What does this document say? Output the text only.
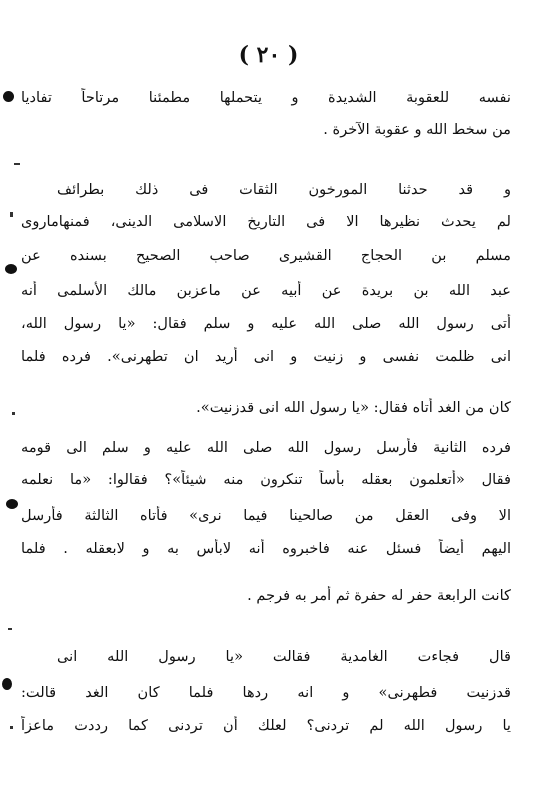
( ٢٠ )
نفسه للعقوبة الشديدة و يتحملها مطمئنا مرتاحاً تفاديا
من سخط الله و عقوبة الآخرة .
و قد حدثنا المورخون الثقات فى ذلك بطرائف
لم يحدث نظيرها الا فى التاريخ الاسلامى الدينى، فمنهاماروى
مسلم بن الحجاج القشيرى صاحب الصحيح بسنده عن
عبد الله بن بريدة عن أبيه عن ماعزبن مالك الأسلمى أنه
أتى رسول الله صلى الله عليه و سلم فقال: «يا رسول الله،
انى ظلمت نفسى و زنيت و انى أريد ان تطهرنى». فرده فلما
كان من الغد أتاه فقال: «يا رسول الله انى قدزنيت».
فرده الثانية فأرسل رسول الله صلى الله عليه و سلم الى قومه
فقال «أتعلمون بعقله بأساً تنكرون منه شيئاً»؟ فقالوا: «ما نعلمه
الا وفى العقل من صالحينا فيما نرى» فأتاه الثالثة فأرسل
اليهم أيضاً فسئل عنه فاخبروه أنه لابأس به و لابعقله . فلما
كانت الرابعة حفر له حفرة ثم أمر به فرجم .
قال فجاءت الغامدية فقالت «يا رسول الله انى
قدزنيت فطهرنى» و انه ردها فلما كان الغد قالت:
يا رسول الله لم تردنى؟ لعلك أن تردنى كما رددت ماعزاً
